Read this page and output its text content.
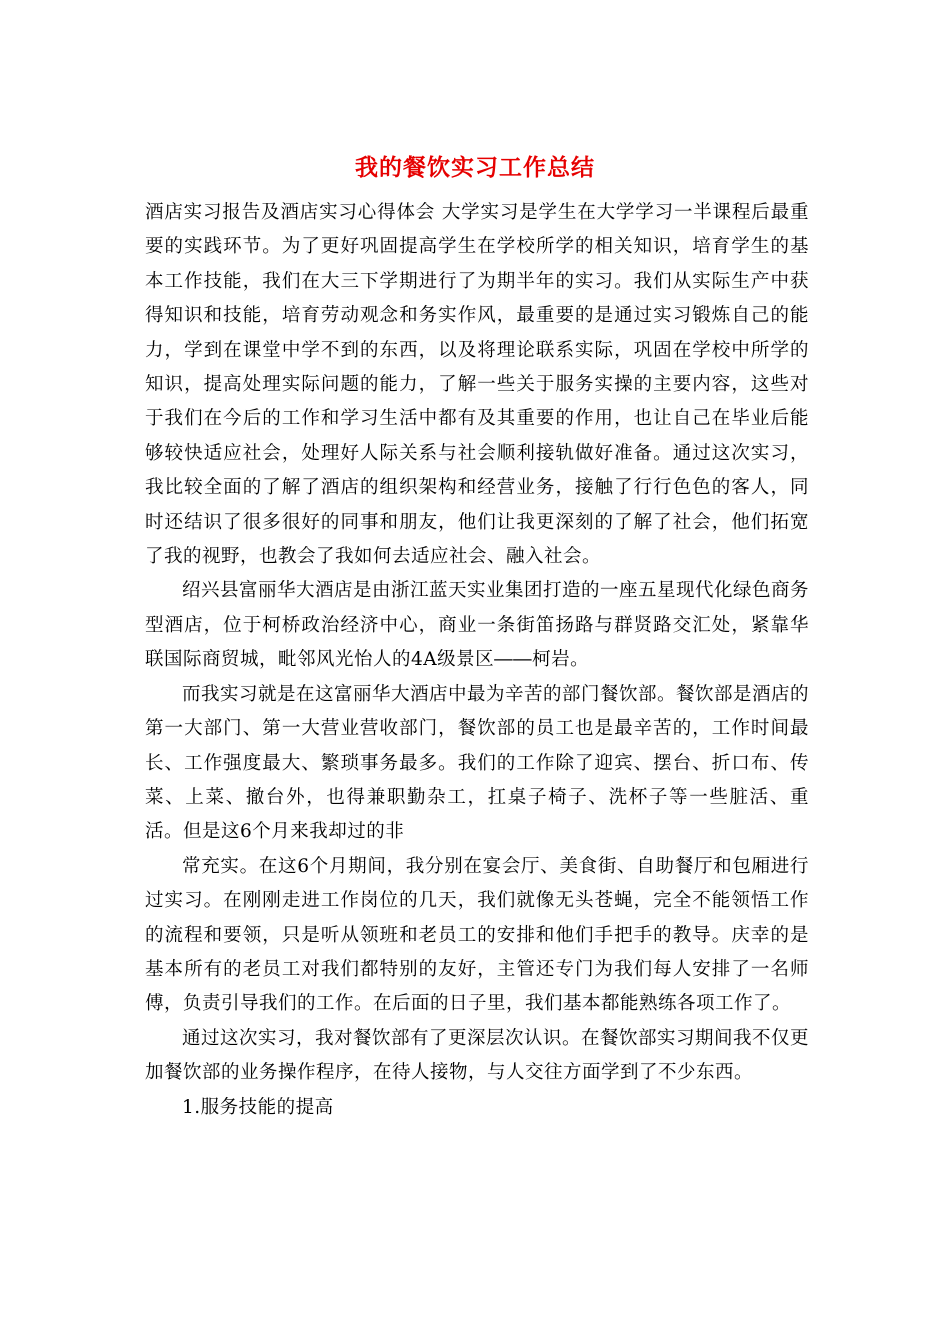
我的餐饮实习工作总结

酒店实习报告及酒店实习心得体会 大学实习是学生在大学学习一半课程后最重要的实践环节。为了更好巩固提高学生在学校所学的相关知识，培育学生的基本工作技能，我们在大三下学期进行了为期半年的实习。我们从实际生产中获得知识和技能，培育劳动观念和务实作风，最重要的是通过实习锻炼自己的能力，学到在课堂中学不到的东西，以及将理论联系实际，巩固在学校中所学的知识，提高处理实际问题的能力，了解一些关于服务实操的主要内容，这些对于我们在今后的工作和学习生活中都有及其重要的作用，也让自己在毕业后能够较快适应社会，处理好人际关系与社会顺利接轨做好准备。通过这次实习，我比较全面的了解了酒店的组织架构和经营业务，接触了行行色色的客人，同时还结识了很多很好的同事和朋友，他们让我更深刻的了解了社会，他们拓宽了我的视野，也教会了我如何去适应社会、融入社会。

绍兴县富丽华大酒店是由浙江蓝天实业集团打造的一座五星现代化绿色商务型酒店，位于柯桥政治经济中心，商业一条街笛扬路与群贤路交汇处，紧靠华联国际商贸城，毗邻风光怡人的4A级景区――柯岩。

而我实习就是在这富丽华大酒店中最为辛苦的部门餐饮部。餐饮部是酒店的第一大部门、第一大营业营收部门，餐饮部的员工也是最辛苦的，工作时间最长、工作强度最大、繁琐事务最多。我们的工作除了迎宾、摆台、折口布、传菜、上菜、撤台外，也得兼职勤杂工，扛桌子椅子、洗杯子等一些脏活、重活。但是这6个月来我却过的非

常充实。在这6个月期间，我分别在宴会厅、美食街、自助餐厅和包厢进行过实习。在刚刚走进工作岗位的几天，我们就像无头苍蝇，完全不能领悟工作的流程和要领，只是听从领班和老员工的安排和他们手把手的教导。庆幸的是基本所有的老员工对我们都特别的友好，主管还专门为我们每人安排了一名师傅，负责引导我们的工作。在后面的日子里，我们基本都能熟练各项工作了。

通过这次实习，我对餐饮部有了更深层次认识。在餐饮部实习期间我不仅更加餐饮部的业务操作程序，在待人接物，与人交往方面学到了不少东西。

1.服务技能的提高
